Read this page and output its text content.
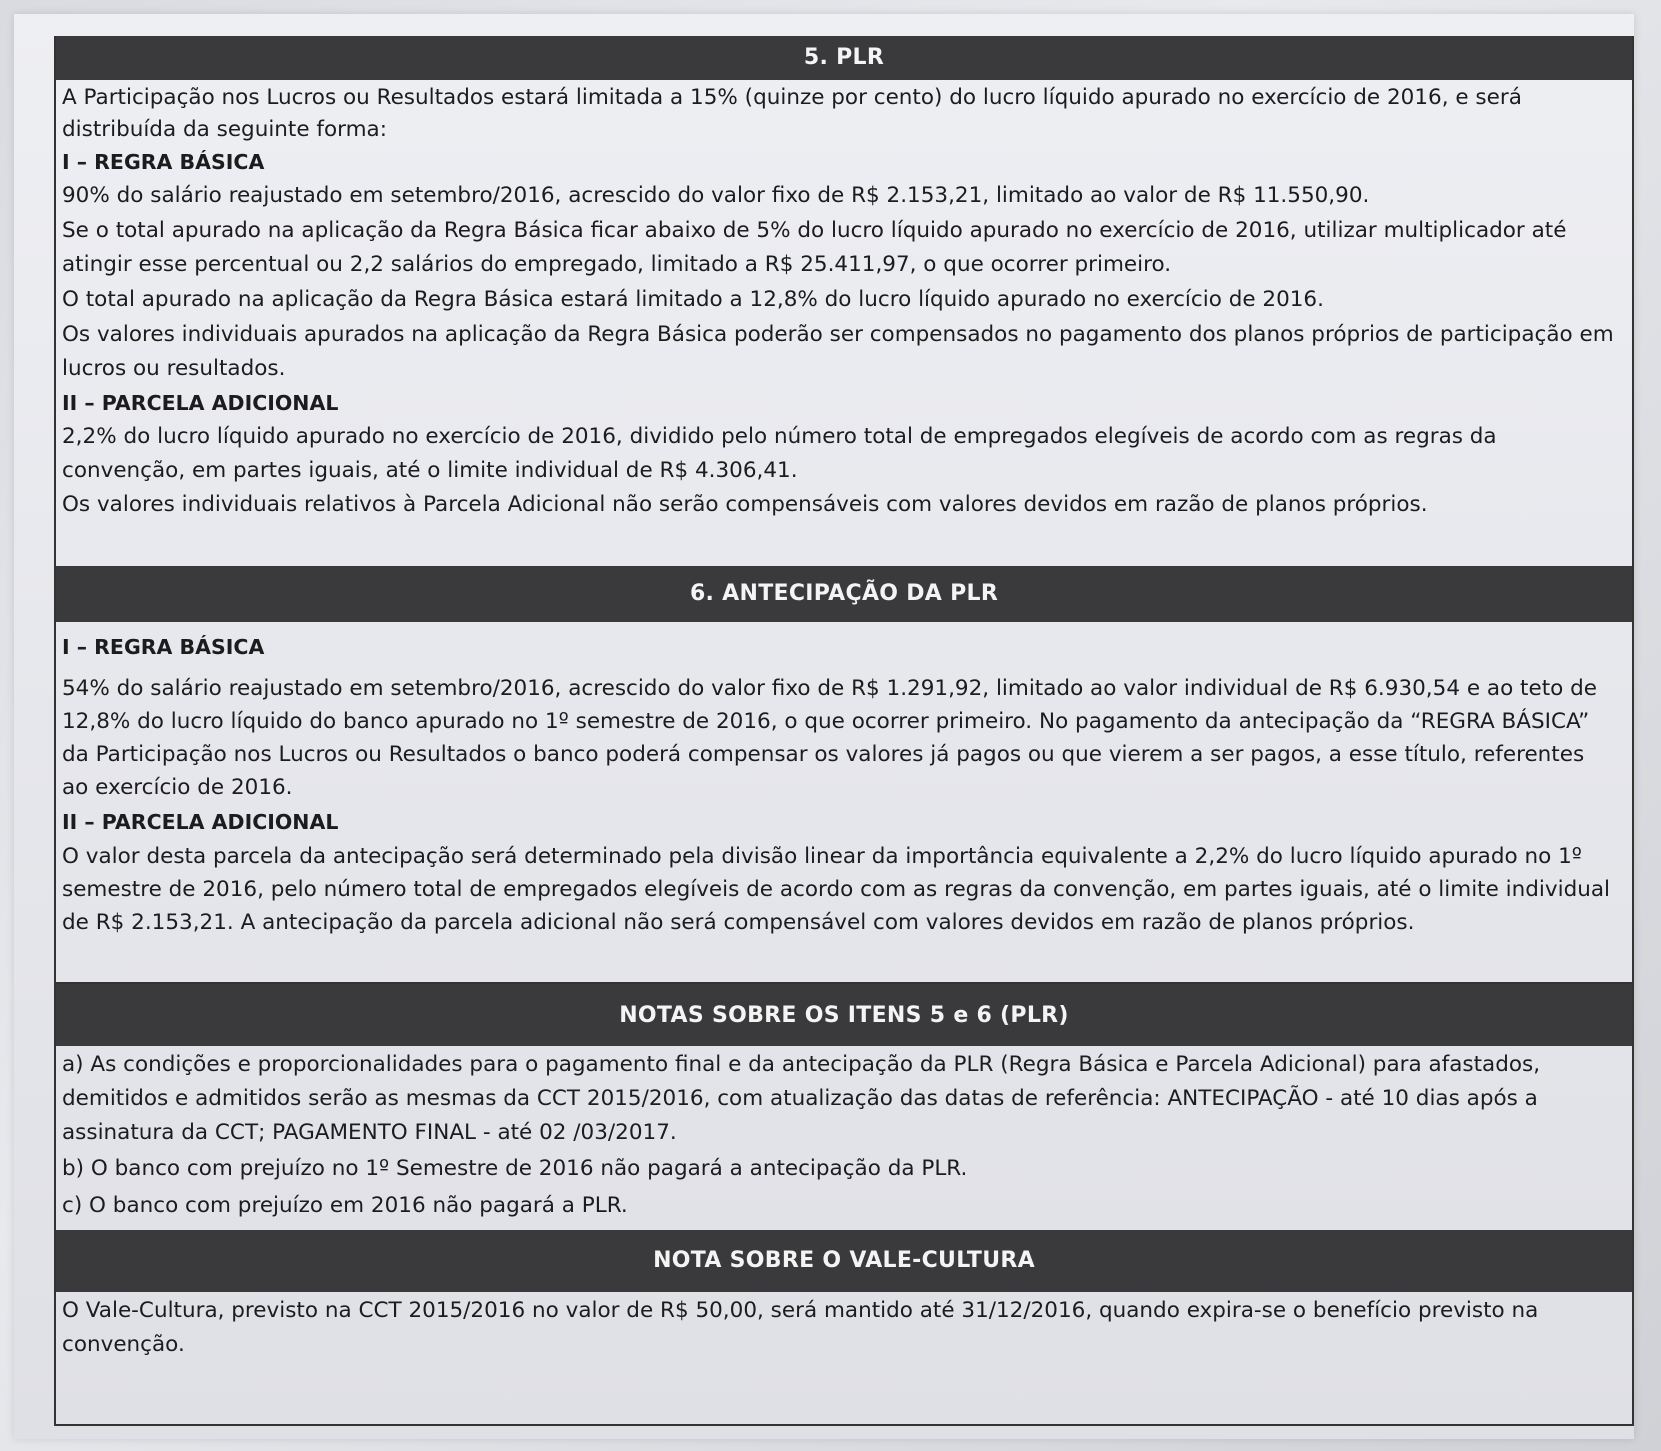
5. PLR

A Participação nos Lucros ou Resultados estará limitada a 15% (quinze por cento) do lucro líquido apurado no exercício de 2016, e será distribuída da seguinte forma:

I – REGRA BÁSICA

90% do salário reajustado em setembro/2016, acrescido do valor fixo de R$ 2.153,21, limitado ao valor de R$ 11.550,90.

Se o total apurado na aplicação da Regra Básica ficar abaixo de 5% do lucro líquido apurado no exercício de 2016, utilizar multiplicador até atingir esse percentual ou 2,2 salários do empregado, limitado a R$ 25.411,97, o que ocorrer primeiro.

O total apurado na aplicação da Regra Básica estará limitado a 12,8% do lucro líquido apurado no exercício de 2016.

Os valores individuais apurados na aplicação da Regra Básica poderão ser compensados no pagamento dos planos próprios de participação em lucros ou resultados.

II – PARCELA ADICIONAL

2,2% do lucro líquido apurado no exercício de 2016, dividido pelo número total de empregados elegíveis de acordo com as regras da convenção, em partes iguais, até o limite individual de R$ 4.306,41.

Os valores individuais relativos à Parcela Adicional não serão compensáveis com valores devidos em razão de planos próprios.

6. ANTECIPAÇÃO DA PLR

I – REGRA BÁSICA

54% do salário reajustado em setembro/2016, acrescido do valor fixo de R$ 1.291,92, limitado ao valor individual de R$ 6.930,54 e ao teto de 12,8% do lucro líquido do banco apurado no 1º semestre de 2016, o que ocorrer primeiro. No pagamento da antecipação da “REGRA BÁSICA” da Participação nos Lucros ou Resultados o banco poderá compensar os valores já pagos ou que vierem a ser pagos, a esse título, referentes ao exercício de 2016.

II – PARCELA ADICIONAL

O valor desta parcela da antecipação será determinado pela divisão linear da importância equivalente a 2,2% do lucro líquido apurado no 1º semestre de 2016, pelo número total de empregados elegíveis de acordo com as regras da convenção, em partes iguais, até o limite individual de R$ 2.153,21. A antecipação da parcela adicional não será compensável com valores devidos em razão de planos próprios.

NOTAS SOBRE OS ITENS 5 e 6 (PLR)

a) As condições e proporcionalidades para o pagamento final e da antecipação da PLR (Regra Básica e Parcela Adicional) para afastados, demitidos e admitidos serão as mesmas da CCT 2015/2016, com atualização das datas de referência: ANTECIPAÇÃO - até 10 dias após a assinatura da CCT; PAGAMENTO FINAL - até 02 /03/2017.

b) O banco com prejuízo no 1º Semestre de 2016 não pagará a antecipação da PLR.

c) O banco com prejuízo em 2016 não pagará a PLR.

NOTA SOBRE O VALE-CULTURA

O Vale-Cultura, previsto na CCT 2015/2016 no valor de R$ 50,00, será mantido até 31/12/2016, quando expira-se o benefício previsto na convenção.
